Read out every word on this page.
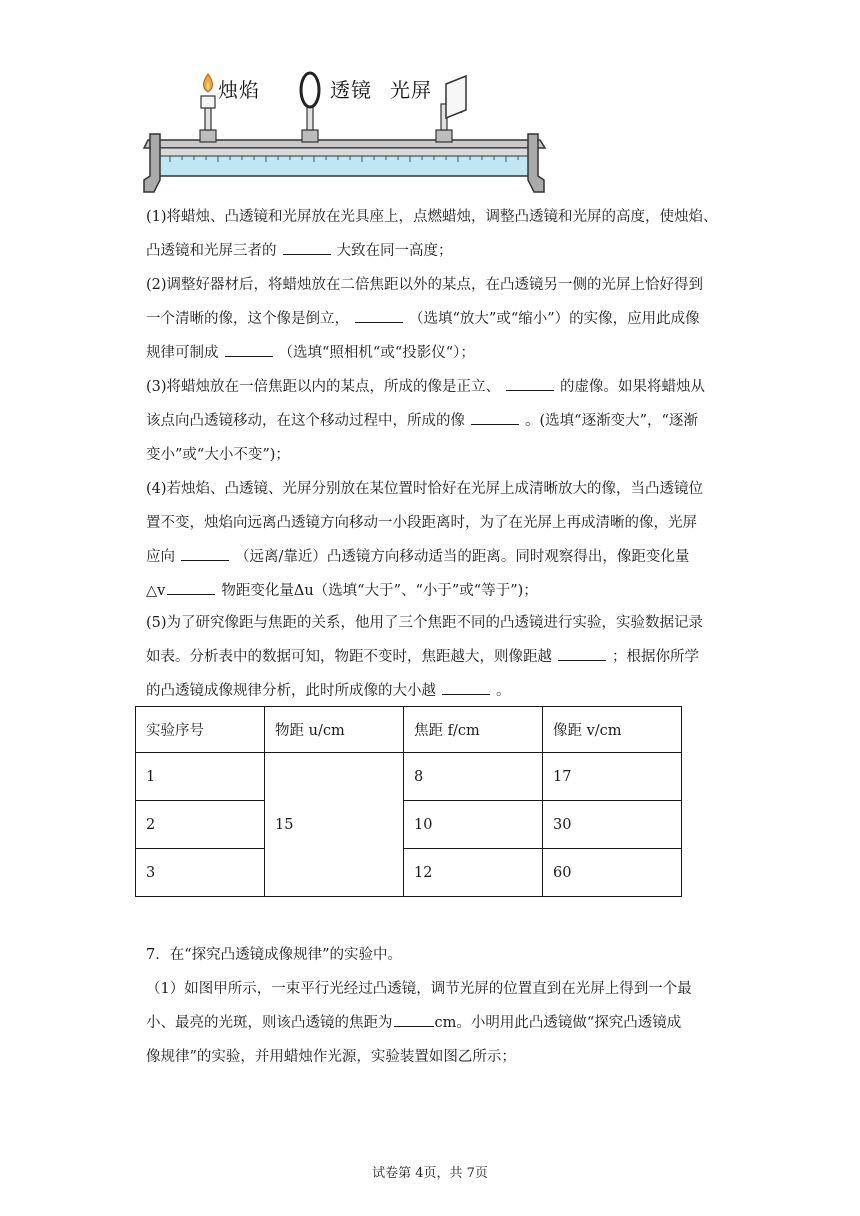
烛焰	透镜 光屏
(1)将蜡烛、凸透镜和光屏放在光具座上，点燃蜡烛，调整凸透镜和光屏的高度，使烛焰、
凸透镜和光屏三者的	大致在同一高度；
(2)调整好器材后，将蜡烛放在二倍焦距以外的某点，在凸透镜另一侧的光屏上恰好得到
一个清晰的像，这个像是倒立，	（选填“放大”或“缩小”）的实像，应用此成像
规律可制成	（选填“照相机“或“投影仪“）；
(3)将蜡烛放在一倍焦距以内的某点，所成的像是正立、	的虚像。如果将蜡烛从
该点向凸透镜移动，在这个移动过程中，所成的像	。(选填“逐渐变大”，“逐渐
变小”或“大小不变”)；
(4)若烛焰、凸透镜、光屏分别放在某位置时恰好在光屏上成清晰放大的像，当凸透镜位
置不变，烛焰向远离凸透镜方向移动一小段距离时，为了在光屏上再成清晰的像，光屏
应向	（远离/靠近）凸透镜方向移动适当的距离。同时观察得出，像距变化量
△v	物距变化量Δu（选填“大于”、“小于”或“等于”)；
(5)为了研究像距与焦距的关系，他用了三个焦距不同的凸透镜进行实验，实验数据记录
如表。分析表中的数据可知，物距不变时，焦距越大，则像距越	；根据你所学
的凸透镜成像规律分析，此时所成像的大小越	。
实验序号	物距 u/cm	焦距 f/cm	像距 v/cm
1	15	8	17
2		10	30
3		12	60
7．在“探究凸透镜成像规律”的实验中。
（1）如图甲所示，一束平行光经过凸透镜，调节光屏的位置直到在光屏上得到一个最
小、最亮的光斑，则该凸透镜的焦距为	cm。小明用此凸透镜做“探究凸透镜成
像规律”的实验，并用蜡烛作光源，实验装置如图乙所示；
试卷第 4页，共 7页
